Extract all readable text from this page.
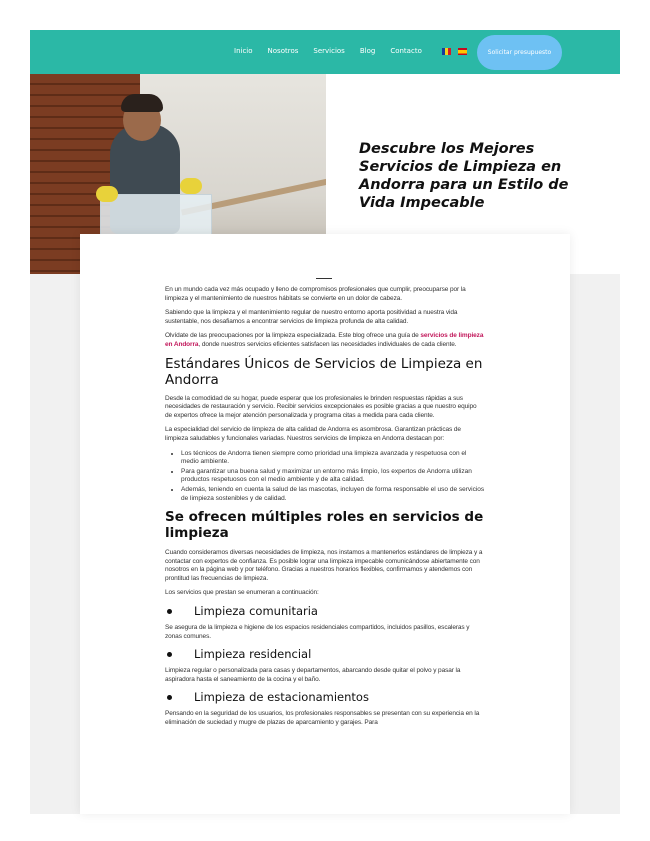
Inicio Nosotros Servicios Blog Contacto	Solicitar presupuesto
Descubre los Mejores Servicios de Limpieza en Andorra para un Estilo de Vida Impecable

En un mundo cada vez más ocupado y lleno de compromisos profesionales que cumplir, preocuparse por la limpieza y el mantenimiento de nuestros hábitats se convierte en un dolor de cabeza.

Sabiendo que la limpieza y el mantenimiento regular de nuestro entorno aporta positividad a nuestra vida sustentable, nos desafiamos a encontrar servicios de limpieza profunda de alta calidad.

Olvídate de las preocupaciones por la limpieza especializada. Este blog ofrece una guía de servicios de limpieza en Andorra, donde nuestros servicios eficientes satisfacen las necesidades individuales de cada cliente.

Estándares Únicos de Servicios de Limpieza en Andorra

Desde la comodidad de su hogar, puede esperar que los profesionales le brinden respuestas rápidas a sus necesidades de restauración y servicio. Recibir servicios excepcionales es posible gracias a que nuestro equipo de expertos ofrece la mejor atención personalizada y programa citas a medida para cada cliente.

La especialidad del servicio de limpieza de alta calidad de Andorra es asombrosa. Garantizan prácticas de limpieza saludables y funcionales variadas. Nuestros servicios de limpieza en Andorra destacan por:

• Los técnicos de Andorra tienen siempre como prioridad una limpieza avanzada y respetuosa con el medio ambiente.
• Para garantizar una buena salud y maximizar un entorno más limpio, los expertos de Andorra utilizan productos respetuosos con el medio ambiente y de alta calidad.
• Además, teniendo en cuenta la salud de las mascotas, incluyen de forma responsable el uso de servicios de limpieza sostenibles y de calidad.
Se ofrecen múltiples roles en servicios de limpieza

Cuando consideramos diversas necesidades de limpieza, nos instamos a mantenerlos estándares de limpieza y a contactar con expertos de confianza. Es posible lograr una limpieza impecable comunicándose abiertamente con nosotros en la página web y por teléfono. Gracias a nuestros horarios flexibles, confirmamos y atendemos con prontitud las frecuencias de limpieza.

Los servicios que prestan se enumeran a continuación:

Limpieza comunitaria

Se asegura de la limpieza e higiene de los espacios residenciales compartidos, incluidos pasillos, escaleras y zonas comunes.

Limpieza residencial

Limpieza regular o personalizada para casas y departamentos, abarcando desde quitar el polvo y pasar la aspiradora hasta el saneamiento de la cocina y el baño.

Limpieza de estacionamientos

Pensando en la seguridad de los usuarios, los profesionales responsables se presentan con su experiencia en la eliminación de suciedad y mugre de plazas de aparcamiento y garajes. Para
